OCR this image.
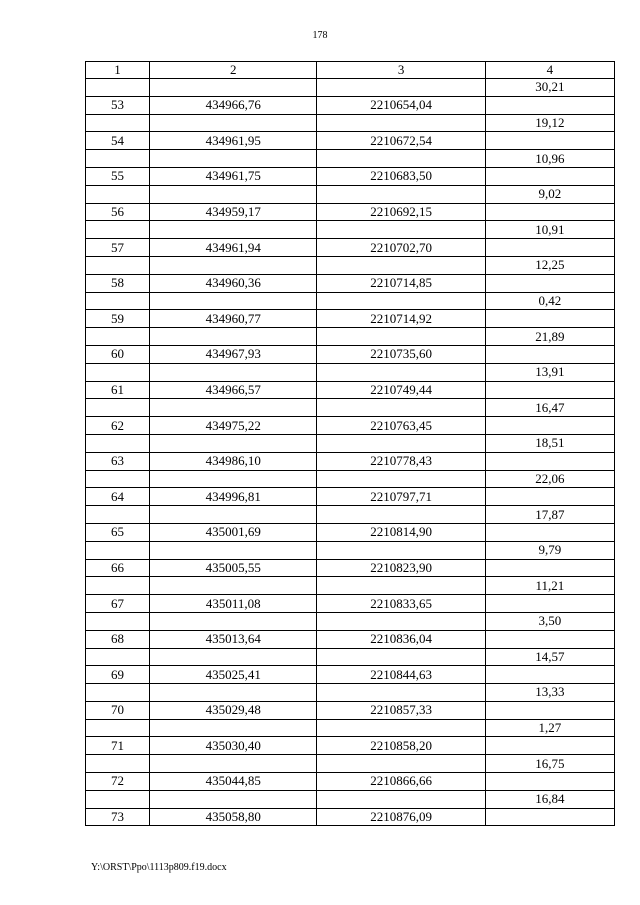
178
1	2	3	4
			30,21
53	434966,76	2210654,04	
			19,12
54	434961,95	2210672,54	
			10,96
55	434961,75	2210683,50	
			9,02
56	434959,17	2210692,15	
			10,91
57	434961,94	2210702,70	
			12,25
58	434960,36	2210714,85	
			0,42
59	434960,77	2210714,92	
			21,89
60	434967,93	2210735,60	
			13,91
61	434966,57	2210749,44	
			16,47
62	434975,22	2210763,45	
			18,51
63	434986,10	2210778,43	
			22,06
64	434996,81	2210797,71	
			17,87
65	435001,69	2210814,90	
			9,79
66	435005,55	2210823,90	
			11,21
67	435011,08	2210833,65	
			3,50
68	435013,64	2210836,04	
			14,57
69	435025,41	2210844,63	
			13,33
70	435029,48	2210857,33	
			1,27
71	435030,40	2210858,20	
			16,75
72	435044,85	2210866,66	
			16,84
73	435058,80	2210876,09	
Y:\ORST\Ppo\1113p809.f19.docx
